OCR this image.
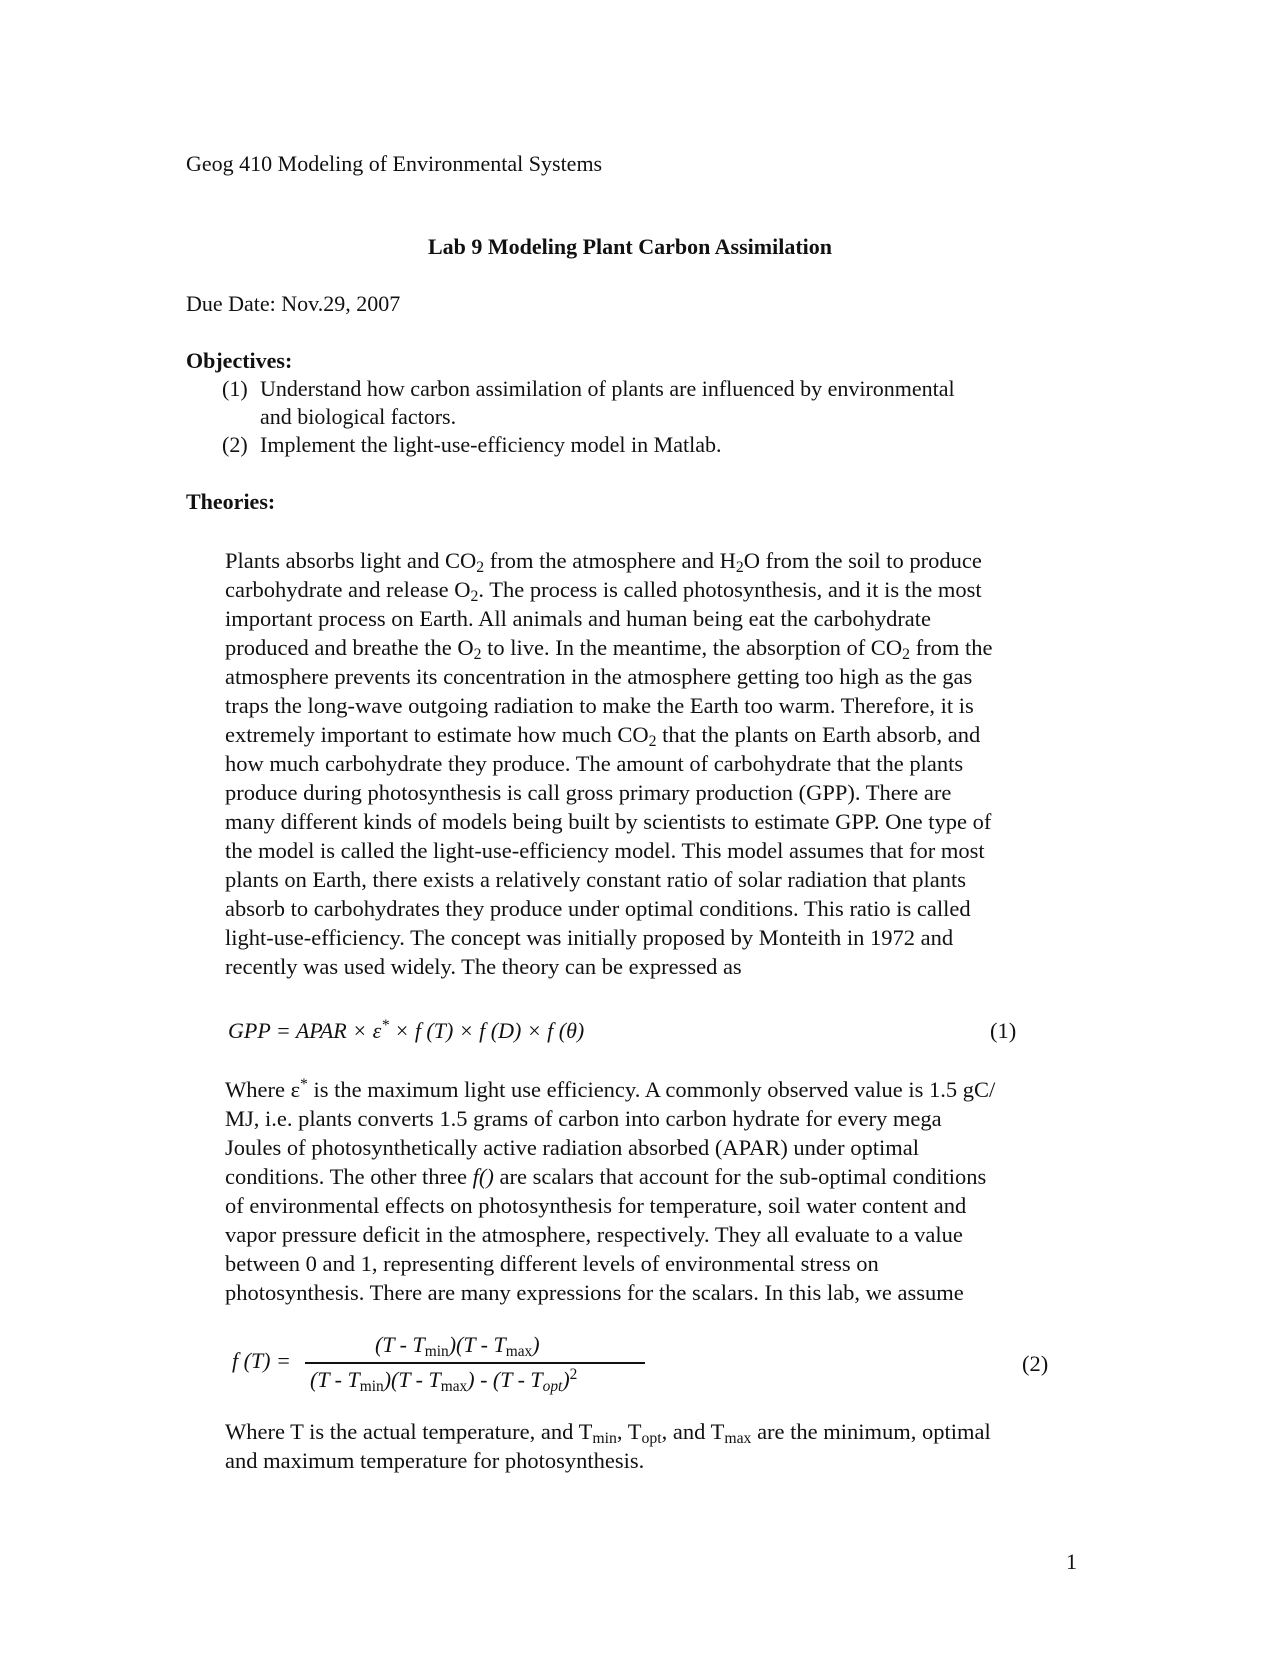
Geog 410 Modeling of Environmental Systems
Lab 9 Modeling Plant Carbon Assimilation
Due Date: Nov.29, 2007
Objectives:
(1) Understand how carbon assimilation of plants are influenced by environmental
and biological factors.
(2) Implement the light-use-efficiency model in Matlab.
Theories:
Plants absorbs light and $CO_2$ from the atmosphere and $H_2O$ from the soil to produce
carbohydrate and release $O_2$. The process is called photosynthesis, and it is the most
important process on Earth. All animals and human being eat the carbohydrate
produced and breathe the $O_2$ to live. In the meantime, the absorption of $CO_2$ from the
atmosphere prevents its concentration in the atmosphere getting too high as the gas
traps the long-wave outgoing radiation to make the Earth too warm. Therefore, it is
extremely important to estimate how much $CO_2$ that the plants on Earth absorb, and
how much carbohydrate they produce. The amount of carbohydrate that the plants
produce during photosynthesis is call gross primary production (GPP). There are
many different kinds of models being built by scientists to estimate GPP. One type of
the model is called the light-use-efficiency model. This model assumes that for most
plants on Earth, there exists a relatively constant ratio of solar radiation that plants
absorb to carbohydrates they produce under optimal conditions. This ratio is called
light-use-efficiency. The concept was initially proposed by Monteith in 1972 and
recently was used widely. The theory can be expressed as
GPP = APAR × ε* × f (T) × f (D) × f (θ)	(1)
Where ε* is the maximum light use efficiency. A commonly observed value is 1.5 gC/
MJ, i.e. plants converts 1.5 grams of carbon into carbon hydrate for every mega
Joules of photosynthetically active radiation absorbed (APAR) under optimal
conditions. The other three f() are scalars that account for the sub-optimal conditions
of environmental effects on photosynthesis for temperature, soil water content and
vapor pressure deficit in the atmosphere, respectively. They all evaluate to a value
between 0 and 1, representing different levels of environmental stress on
photosynthesis. There are many expressions for the scalars. In this lab, we assume
f (T) =
$(T - T_{min})(T - T_{max})$
$(T - T_{min})(T - T_{max}) - (T - T_{opt})^2$	(2)
Where T is the actual temperature, and $T_{min}$, $T_{opt}$, and $T_{max}$ are the minimum, optimal
and maximum temperature for photosynthesis.
1
